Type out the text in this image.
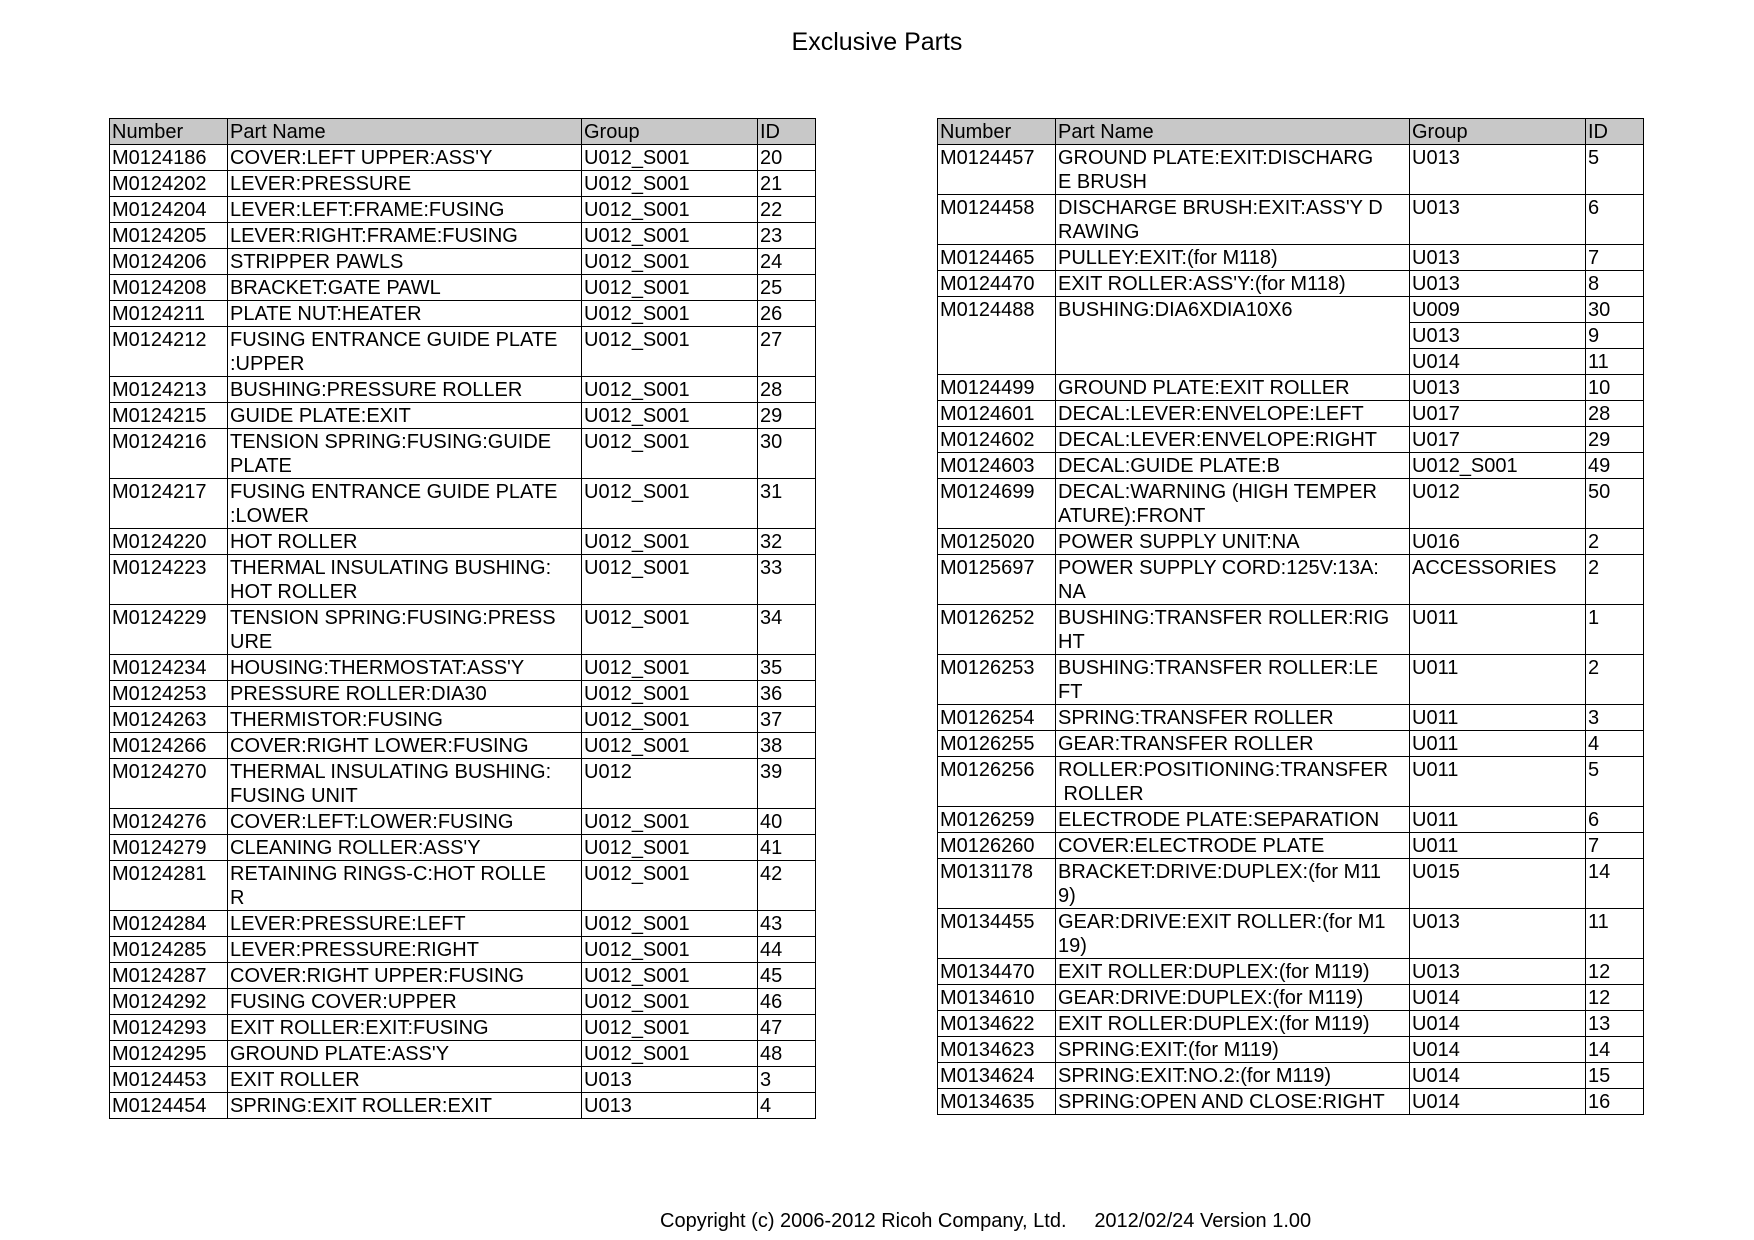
Exclusive Parts
Number	Part Name	Group	ID
M0124186	COVER:LEFT UPPER:ASS'Y	U012_S001	20
M0124202	LEVER:PRESSURE	U012_S001	21
M0124204	LEVER:LEFT:FRAME:FUSING	U012_S001	22
M0124205	LEVER:RIGHT:FRAME:FUSING	U012_S001	23
M0124206	STRIPPER PAWLS	U012_S001	24
M0124208	BRACKET:GATE PAWL	U012_S001	25
M0124211	PLATE NUT:HEATER	U012_S001	26
M0124212	FUSING ENTRANCE GUIDE PLATE
:UPPER	U012_S001	27
M0124213	BUSHING:PRESSURE ROLLER	U012_S001	28
M0124215	GUIDE PLATE:EXIT	U012_S001	29
M0124216	TENSION SPRING:FUSING:GUIDE
PLATE	U012_S001	30
M0124217	FUSING ENTRANCE GUIDE PLATE
:LOWER	U012_S001	31
M0124220	HOT ROLLER	U012_S001	32
M0124223	THERMAL INSULATING BUSHING:
HOT ROLLER	U012_S001	33
M0124229	TENSION SPRING:FUSING:PRESS
URE	U012_S001	34
M0124234	HOUSING:THERMOSTAT:ASS'Y	U012_S001	35
M0124253	PRESSURE ROLLER:DIA30	U012_S001	36
M0124263	THERMISTOR:FUSING	U012_S001	37
M0124266	COVER:RIGHT LOWER:FUSING	U012_S001	38
M0124270	THERMAL INSULATING BUSHING:
FUSING UNIT	U012	39
M0124276	COVER:LEFT:LOWER:FUSING	U012_S001	40
M0124279	CLEANING ROLLER:ASS'Y	U012_S001	41
M0124281	RETAINING RINGS-C:HOT ROLLE
R	U012_S001	42
M0124284	LEVER:PRESSURE:LEFT	U012_S001	43
M0124285	LEVER:PRESSURE:RIGHT	U012_S001	44
M0124287	COVER:RIGHT UPPER:FUSING	U012_S001	45
M0124292	FUSING COVER:UPPER	U012_S001	46
M0124293	EXIT ROLLER:EXIT:FUSING	U012_S001	47
M0124295	GROUND PLATE:ASS'Y	U012_S001	48
M0124453	EXIT ROLLER	U013	3
M0124454	SPRING:EXIT ROLLER:EXIT	U013	4
Number	Part Name	Group	ID
M0124457	GROUND PLATE:EXIT:DISCHARG
E BRUSH	U013	5
M0124458	DISCHARGE BRUSH:EXIT:ASS'Y D
RAWING	U013	6
M0124465	PULLEY:EXIT:(for M118)	U013	7
M0124470	EXIT ROLLER:ASS'Y:(for M118)	U013	8
M0124488	BUSHING:DIA6XDIA10X6	U009	30
		U013	9
		U014	11
M0124499	GROUND PLATE:EXIT ROLLER	U013	10
M0124601	DECAL:LEVER:ENVELOPE:LEFT	U017	28
M0124602	DECAL:LEVER:ENVELOPE:RIGHT	U017	29
M0124603	DECAL:GUIDE PLATE:B	U012_S001	49
M0124699	DECAL:WARNING (HIGH TEMPER
ATURE):FRONT	U012	50
M0125020	POWER SUPPLY UNIT:NA	U016	2
M0125697	POWER SUPPLY CORD:125V:13A:
NA	ACCESSORIES	2
M0126252	BUSHING:TRANSFER ROLLER:RIG
HT	U011	1
M0126253	BUSHING:TRANSFER ROLLER:LE
FT	U011	2
M0126254	SPRING:TRANSFER ROLLER	U011	3
M0126255	GEAR:TRANSFER ROLLER	U011	4
M0126256	ROLLER:POSITIONING:TRANSFER
ROLLER	U011	5
M0126259	ELECTRODE PLATE:SEPARATION	U011	6
M0126260	COVER:ELECTRODE PLATE	U011	7
M0131178	BRACKET:DRIVE:DUPLEX:(for M11
9)	U015	14
M0134455	GEAR:DRIVE:EXIT ROLLER:(for M1
19)	U013	11
M0134470	EXIT ROLLER:DUPLEX:(for M119)	U013	12
M0134610	GEAR:DRIVE:DUPLEX:(for M119)	U014	12
M0134622	EXIT ROLLER:DUPLEX:(for M119)	U014	13
M0134623	SPRING:EXIT:(for M119)	U014	14
M0134624	SPRING:EXIT:NO.2:(for M119)	U014	15
M0134635	SPRING:OPEN AND CLOSE:RIGHT	U014	16
Copyright (c) 2006-2012 Ricoh Company, Ltd. 2012/02/24 Version 1.00
